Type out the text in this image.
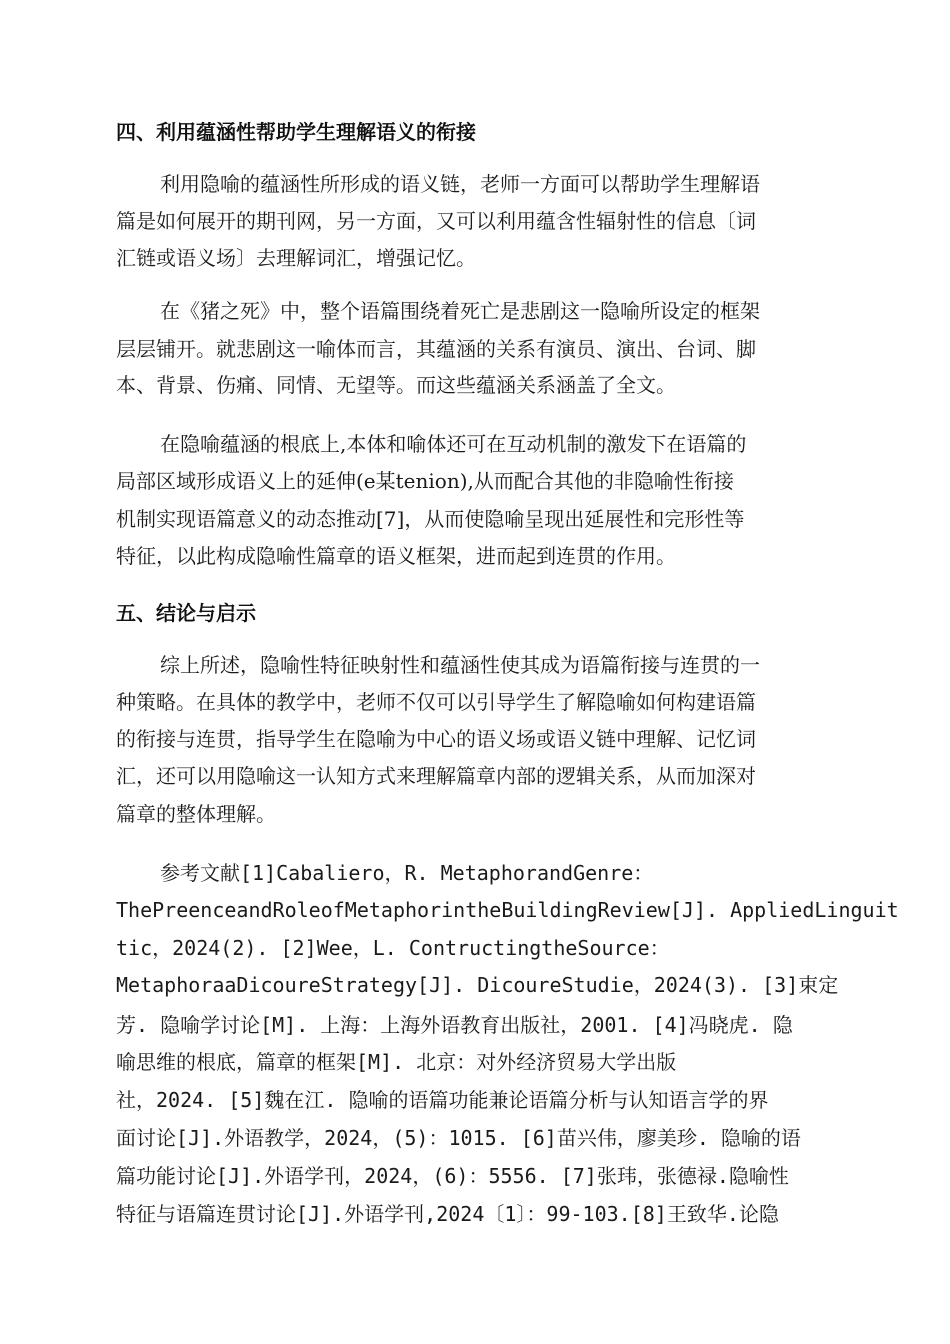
四、利用蕴涵性帮助学生理解语义的衔接

利用隐喻的蕴涵性所形成的语义链，老师一方面可以帮助学生理解语

篇是如何展开的期刊网，另一方面，又可以利用蕴含性辐射性的信息〔词

汇链或语义场〕去理解词汇，增强记忆。

在《猪之死》中，整个语篇围绕着死亡是悲剧这一隐喻所设定的框架

层层铺开。就悲剧这一喻体而言，其蕴涵的关系有演员、演出、台词、脚

本、背景、伤痛、同情、无望等。而这些蕴涵关系涵盖了全文。

在隐喻蕴涵的根底上,本体和喻体还可在互动机制的激发下在语篇的

局部区域形成语义上的延伸(e某tenion),从而配合其他的非隐喻性衔接

机制实现语篇意义的动态推动[7]，从而使隐喻呈现出延展性和完形性等

特征，以此构成隐喻性篇章的语义框架，进而起到连贯的作用。

五、结论与启示

综上所述，隐喻性特征映射性和蕴涵性使其成为语篇衔接与连贯的一

种策略。在具体的教学中，老师不仅可以引导学生了解隐喻如何构建语篇

的衔接与连贯，指导学生在隐喻为中心的语义场或语义链中理解、记忆词

汇，还可以用隐喻这一认知方式来理解篇章内部的逻辑关系，从而加深对

篇章的整体理解。

参考文献[1]Cabaliero，R. MetaphorandGenre：

ThePreenceandRoleofMetaphorintheBuildingReview[J]. AppliedLinguit

tic，2024(2). [2]Wee，L. ContructingtheSource：

MetaphoraaDicoureStrategy[J]. DicoureStudie，2024(3). [3]束定

芳. 隐喻学讨论[M]. 上海：上海外语教育出版社，2001. [4]冯晓虎. 隐

喻思维的根底，篇章的框架[M]. 北京：对外经济贸易大学出版

社，2024. [5]魏在江. 隐喻的语篇功能兼论语篇分析与认知语言学的界

面讨论[J].外语教学，2024，(5)：1015. [6]苗兴伟，廖美珍. 隐喻的语

篇功能讨论[J].外语学刊，2024，(6)：5556. [7]张玮，张德禄.隐喻性

特征与语篇连贯讨论[J].外语学刊,2024〔1〕：99-103.[8]王致华.论隐
